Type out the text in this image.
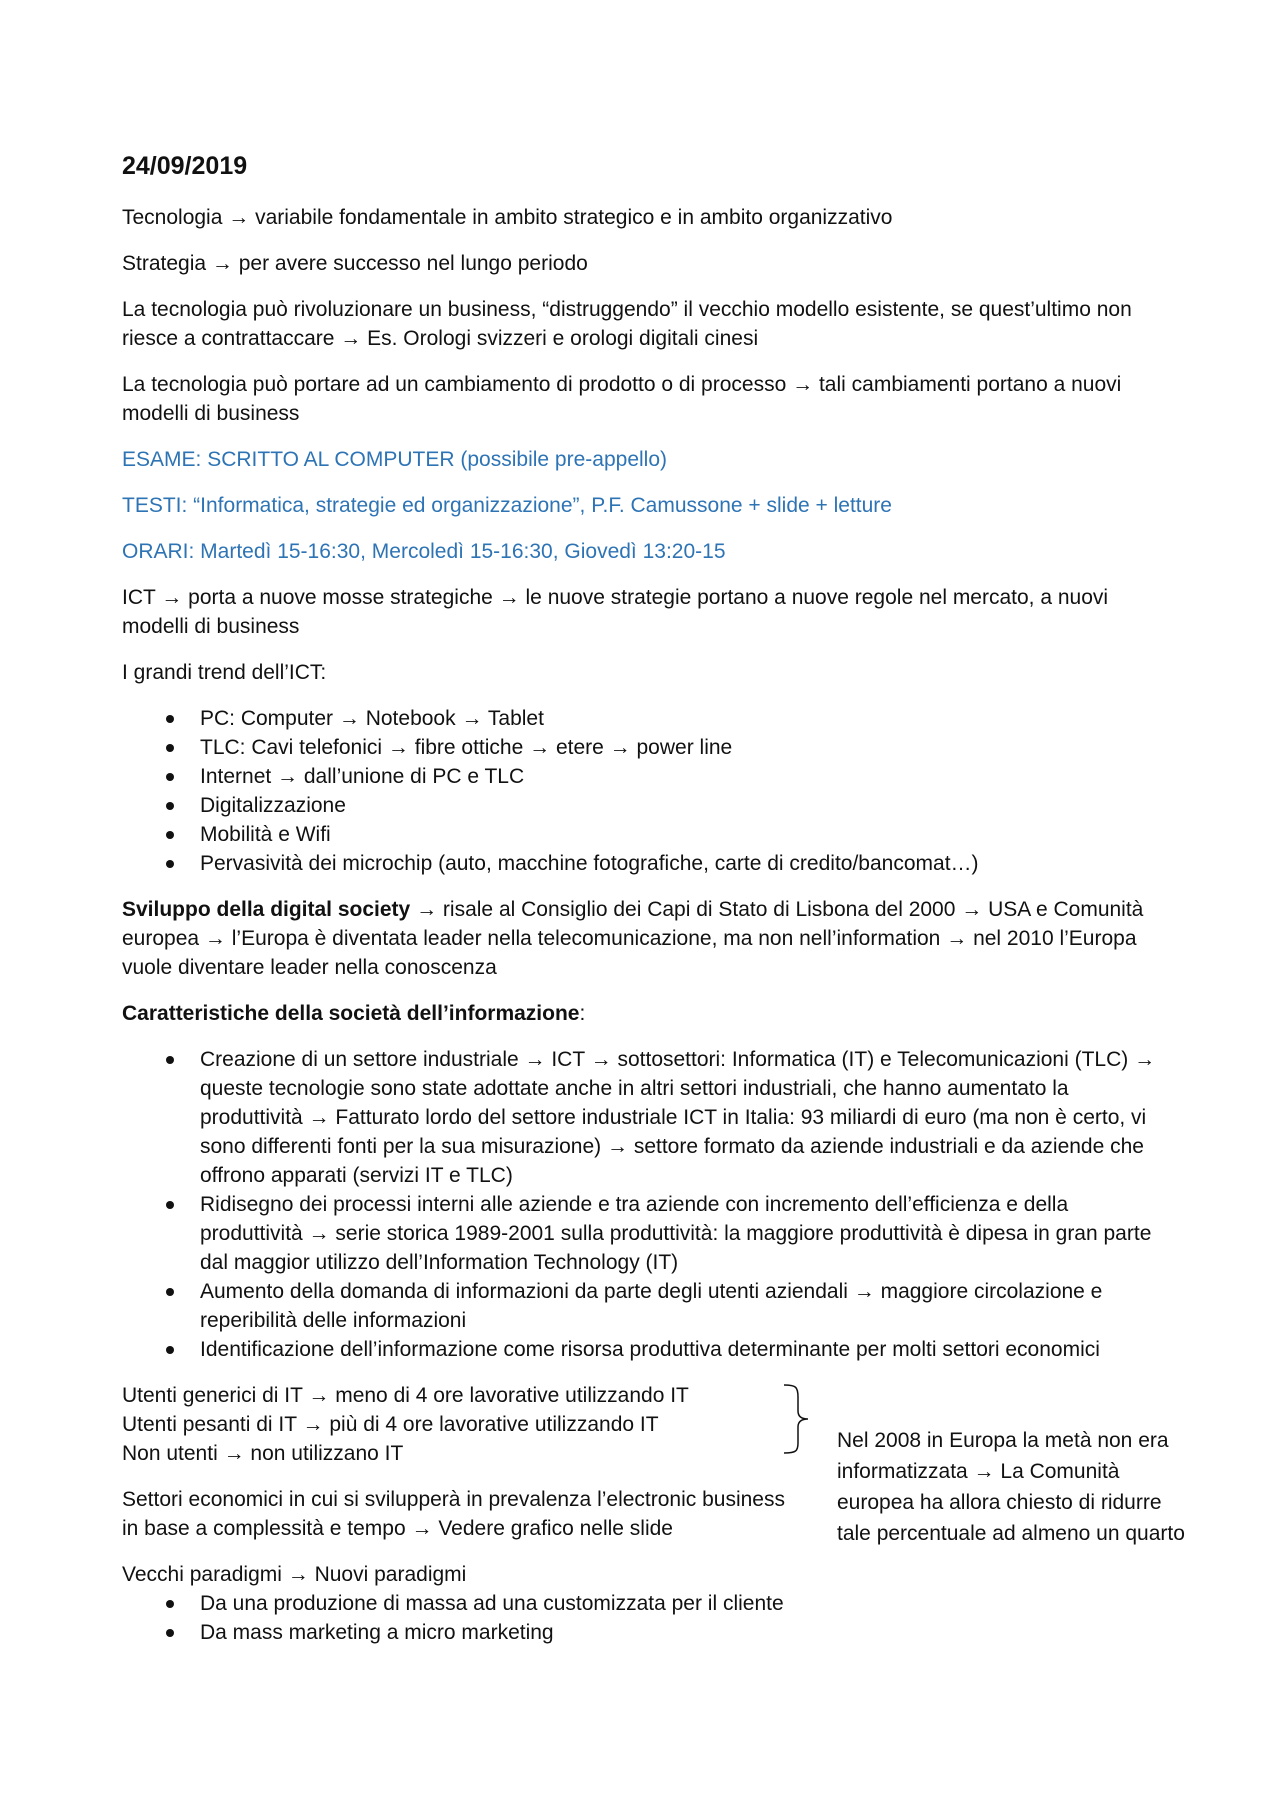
24/09/2019

Tecnologia → variabile fondamentale in ambito strategico e in ambito organizzativo

Strategia → per avere successo nel lungo periodo

La tecnologia può rivoluzionare un business, “distruggendo” il vecchio modello esistente, se quest’ultimo non riesce a contrattaccare → Es. Orologi svizzeri e orologi digitali cinesi

La tecnologia può portare ad un cambiamento di prodotto o di processo → tali cambiamenti portano a nuovi modelli di business

ESAME: SCRITTO AL COMPUTER (possibile pre-appello)

TESTI: “Informatica, strategie ed organizzazione”, P.F. Camussone + slide + letture

ORARI: Martedì 15-16:30, Mercoledì 15-16:30, Giovedì 13:20-15

ICT → porta a nuove mosse strategiche → le nuove strategie portano a nuove regole nel mercato, a nuovi modelli di business

I grandi trend dell’ICT:

PC: Computer → Notebook → Tablet
TLC: Cavi telefonici → fibre ottiche → etere → power line
Internet → dall’unione di PC e TLC
Digitalizzazione
Mobilità e Wifi
Pervasività dei microchip (auto, macchine fotografiche, carte di credito/bancomat…)

Sviluppo della digital society → risale al Consiglio dei Capi di Stato di Lisbona del 2000 → USA e Comunità europea → l’Europa è diventata leader nella telecomunicazione, ma non nell’information → nel 2010 l’Europa vuole diventare leader nella conoscenza

Caratteristiche della società dell’informazione:

Creazione di un settore industriale → ICT → sottosettori: Informatica (IT) e Telecomunicazioni (TLC) → queste tecnologie sono state adottate anche in altri settori industriali, che hanno aumentato la produttività → Fatturato lordo del settore industriale ICT in Italia: 93 miliardi di euro (ma non è certo, vi sono differenti fonti per la sua misurazione) → settore formato da aziende industriali e da aziende che offrono apparati (servizi IT e TLC)
Ridisegno dei processi interni alle aziende e tra aziende con incremento dell’efficienza e della produttività → serie storica 1989-2001 sulla produttività: la maggiore produttività è dipesa in gran parte dal maggior utilizzo dell’Information Technology (IT)
Aumento della domanda di informazioni da parte degli utenti aziendali → maggiore circolazione e reperibilità delle informazioni
Identificazione dell’informazione come risorsa produttiva determinante per molti settori economici

Utenti generici di IT → meno di 4 ore lavorative utilizzando IT
Utenti pesanti di IT → più di 4 ore lavorative utilizzando IT
Non utenti → non utilizzano IT

Settori economici in cui si svilupperà in prevalenza l’electronic business in base a complessità e tempo → Vedere grafico nelle slide

Nel 2008 in Europa la metà non era informatizzata → La Comunità europea ha allora chiesto di ridurre tale percentuale ad almeno un quarto

Vecchi paradigmi → Nuovi paradigmi

Da una produzione di massa ad una customizzata per il cliente
Da mass marketing a micro marketing
